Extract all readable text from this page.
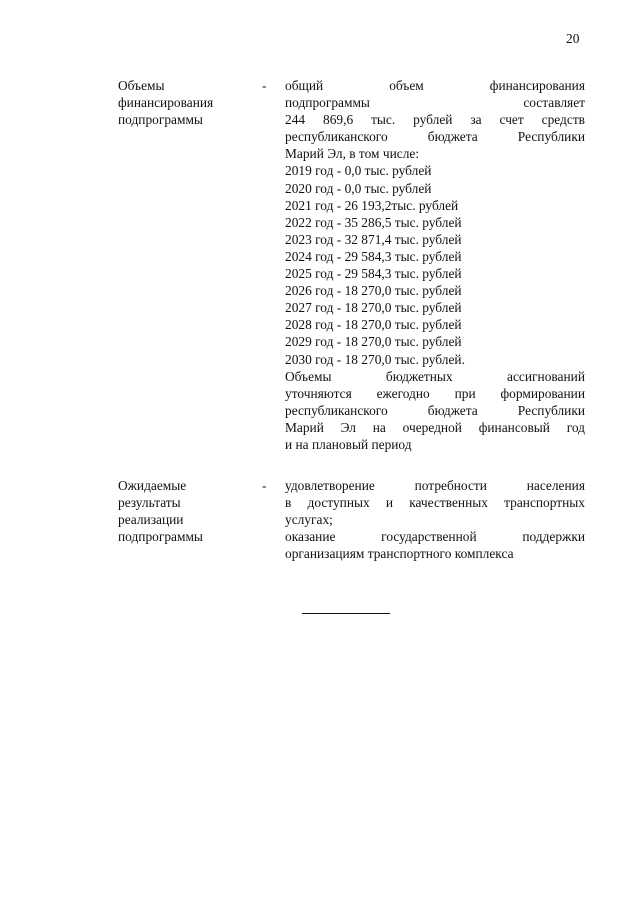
20
Объемы
финансирования
подпрограммы
- общий объем финансирования
подпрограммы составляет
244 869,6 тыс. рублей за счет средств
республиканского бюджета Республики
Марий Эл, в том числе:
2019 год - 0,0 тыс. рублей
2020 год - 0,0 тыс. рублей
2021 год - 26 193,2тыс. рублей
2022 год - 35 286,5 тыс. рублей
2023 год - 32 871,4 тыс. рублей
2024 год - 29 584,3 тыс. рублей
2025 год - 29 584,3 тыс. рублей
2026 год - 18 270,0 тыс. рублей
2027 год - 18 270,0 тыс. рублей
2028 год - 18 270,0 тыс. рублей
2029 год - 18 270,0 тыс. рублей
2030 год - 18 270,0 тыс. рублей.
Объемы бюджетных ассигнований
уточняются ежегодно при формировании
республиканского бюджета Республики
Марий Эл на очередной финансовый год
и на плановый период
Ожидаемые
результаты
реализации
подпрограммы
- удовлетворение потребности населения
в доступных и качественных транспортных
услугах;
оказание государственной поддержки
организациям транспортного комплекса
